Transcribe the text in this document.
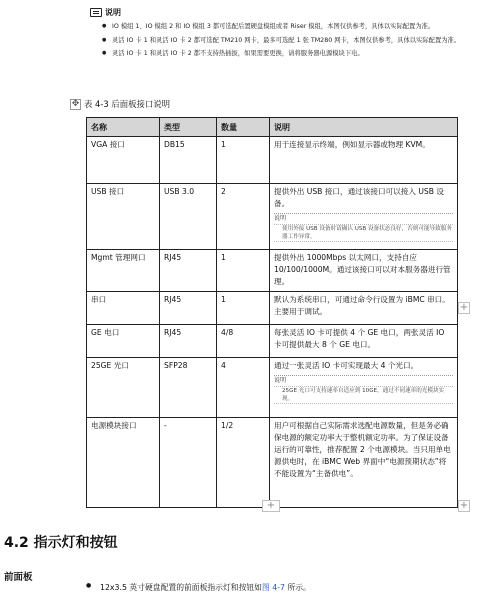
说明
● IO 模组 1、IO 模组 2 和 IO 模组 3 都可选配后置硬盘模组或者 Riser 模组，本图仅供参考，具体以实际配置为准。
● 灵活 IO 卡 1 和灵活 IO 卡 2 都可选配 TM210 网卡，最多可选配 1 张 TM280 网卡，本图仅供参考，具体以实际配置为准。
● 灵活 IO 卡 1 和灵活 IO 卡 2 都不支持热插拔，如果需要更换，请将服务器电源模块下电。
✥ 表 4-3 后面板接口说明
名称	类型	数量	说明
VGA 接口	DB15	1	用于连接显示终端，例如显示器或物理 KVM。
USB 接口	USB 3.0	2	提供外出 USB 接口，通过该接口可以接入 USB 设备。
说明
使用外接 USB 设备时请确认 USB 设备状态良好，否则可能导致服务器工作异常。

Mgmt 管理网口	RJ45	1	提供外出 1000Mbps 以太网口，支持自应 10/100/1000M。通过该接口可以对本服务器进行管理。
串口	RJ45	1	默认为系统串口，可通过命令行设置为 iBMC 串口。主要用于调试。
GE 电口	RJ45	4/8	每张灵活 IO 卡可提供 4 个 GE 电口，两张灵活 IO 卡可提供最大 8 个 GE 电口。
25GE 光口	SFP28	4	通过一张灵活 IO 卡可实现最大 4 个光口。
说明
25GE 光口可支持速率自适应到 10GE，通过不同速率的光模块实现。

电源模块接口	-	1/2	用户可根据自己实际需求选配电源数量，但是务必确保电源的额定功率大于整机额定功率。为了保证设备运行的可靠性，推荐配置 2 个电源模块。当只用单电源供电时，在 iBMC Web 界面中“电源预期状态”将不能设置为“主备供电”。
+
+
+
4.2 指示灯和按钮
前面板
● 12x3.5 英寸硬盘配置的前面板指示灯和按钮如图 4-7 所示。
